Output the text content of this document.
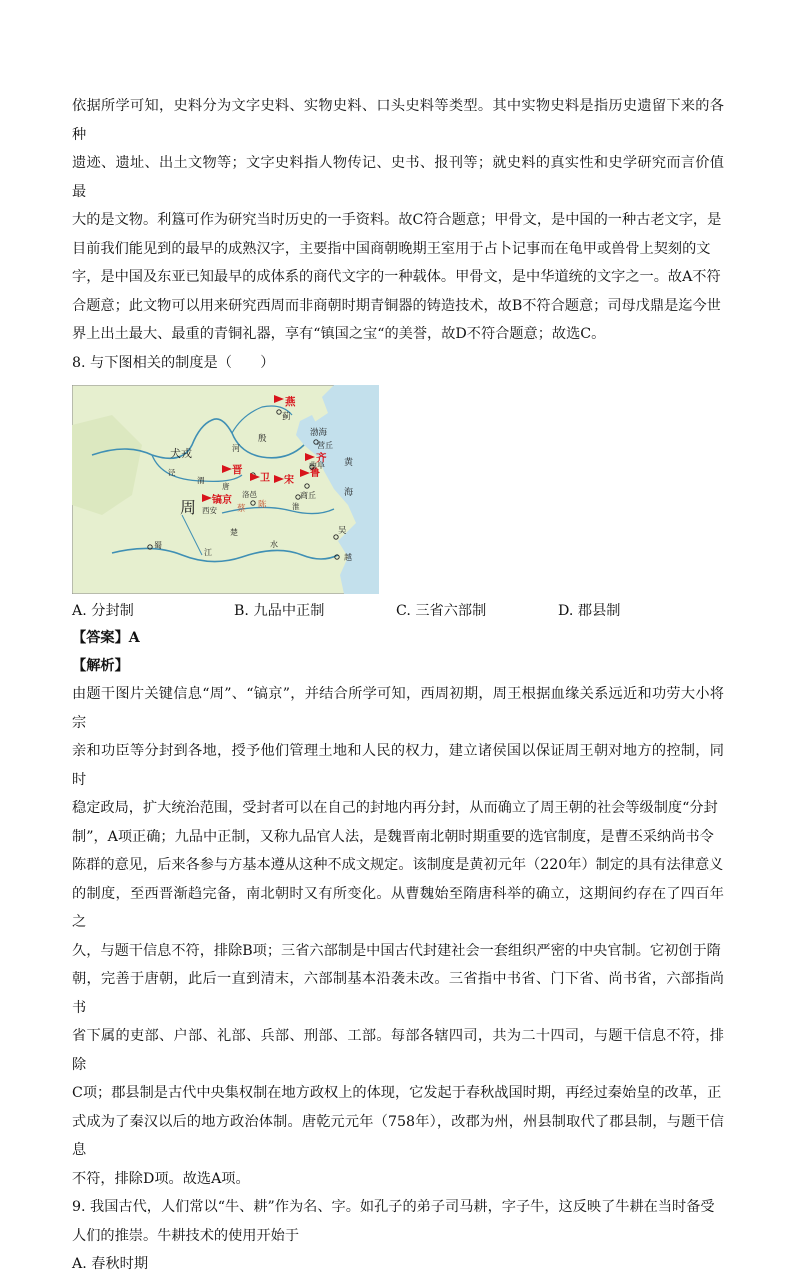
依据所学可知，史料分为文字史料、实物史料、口头史料等类型。其中实物史料是指历史遗留下来的各种
遗迹、遗址、出土文物等；文字史料指人物传记、史书、报刊等；就史料的真实性和史学研究而言价值最
大的是文物。利簋可作为研究当时历史的一手资料。故C符合题意；甲骨文，是中国的一种古老文字，是
目前我们能见到的最早的成熟汉字，主要指中国商朝晚期王室用于占卜记事而在龟甲或兽骨上契刻的文
字，是中国及东亚已知最早的成体系的商代文字的一种载体。甲骨文，是中华道统的文字之一。故A不符
合题意；此文物可以用来研究西周而非商朝时期青铜器的铸造技术，故B不符合题意；司母戊鼎是迄今世
界上出土最大、最重的青铜礼器，享有“镇国之宝“的美誉，故D不符合题意；故选C。

8. 与下图相关的制度是（　　）

燕
蓟
渤海
犬戎	河
殷
营丘
齐
晋
卫 宋
鲁
曲阜 黄
海
镐京
周 西安
洛邑	商丘
蔡 陈
吴
越
楚
蜀
江
水
唐
渭
泾
淮
A. 分封制	B. 九品中正制	C. 三省六部制	D. 郡县制

【答案】A

【解析】

由题干图片关键信息“周”、“镐京”，并结合所学可知，西周初期，周王根据血缘关系远近和功劳大小将宗
亲和功臣等分封到各地，授予他们管理土地和人民的权力，建立诸侯国以保证周王朝对地方的控制，同时
稳定政局，扩大统治范围，受封者可以在自己的封地内再分封，从而确立了周王朝的社会等级制度“分封
制”，A项正确；九品中正制，又称九品官人法，是魏晋南北朝时期重要的选官制度，是曹丕采纳尚书令
陈群的意见，后来各参与方基本遵从这种不成文规定。该制度是黄初元年（220年）制定的具有法律意义
的制度，至西晋渐趋完备，南北朝时又有所变化。从曹魏始至隋唐科举的确立，这期间约存在了四百年之
久，与题干信息不符，排除B项；三省六部制是中国古代封建社会一套组织严密的中央官制。它初创于隋
朝，完善于唐朝，此后一直到清末，六部制基本沿袭未改。三省指中书省、门下省、尚书省，六部指尚书
省下属的吏部、户部、礼部、兵部、刑部、工部。每部各辖四司，共为二十四司，与题干信息不符，排除
C项；郡县制是古代中央集权制在地方政权上的体现，它发起于春秋战国时期，再经过秦始皇的改革，正
式成为了秦汉以后的地方政治体制。唐乾元元年（758年），改郡为州，州县制取代了郡县制，与题干信息
不符，排除D项。故选A项。

9. 我国古代，人们常以“牛、耕”作为名、字。如孔子的弟子司马耕，字子牛，这反映了牛耕在当时备受
人们的推崇。牛耕技术的使用开始于

A. 春秋时期
